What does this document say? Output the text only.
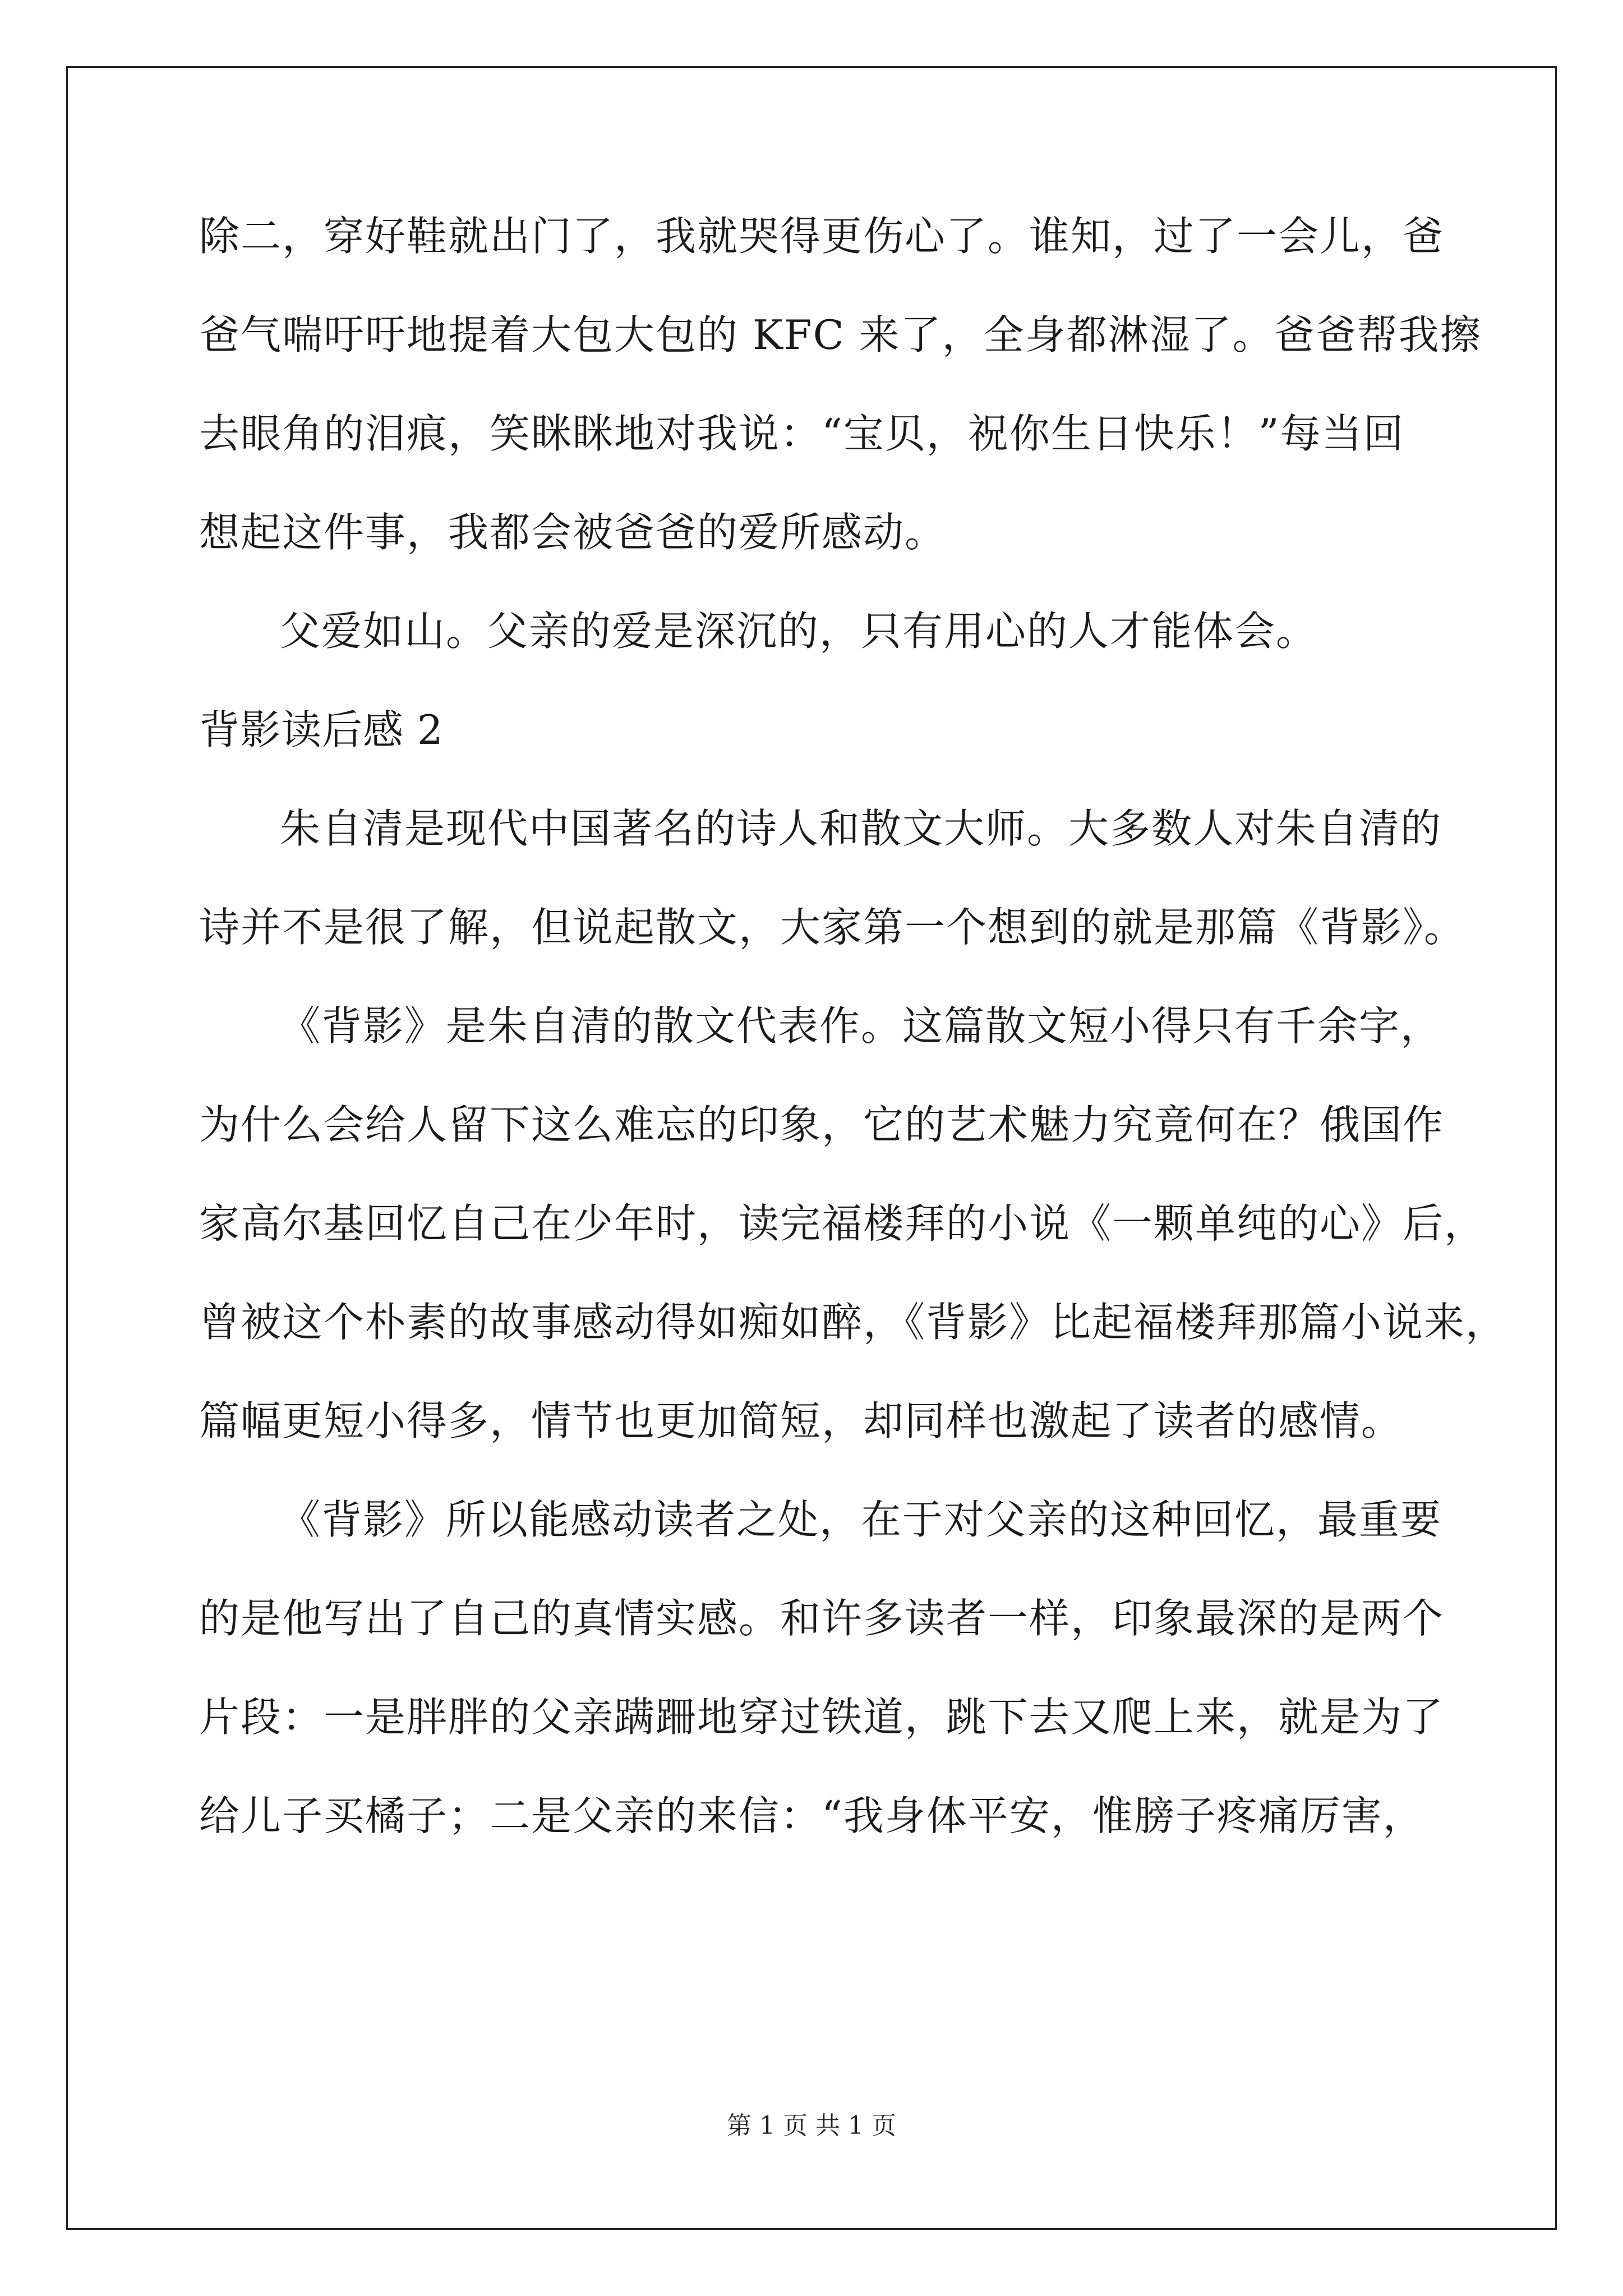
除二，穿好鞋就出门了，我就哭得更伤心了。谁知，过了一会儿，爸
爸气喘吁吁地提着大包大包的 KFC 来了，全身都淋湿了。爸爸帮我擦
去眼角的泪痕，笑眯眯地对我说：“宝贝，祝你生日快乐！”每当回
想起这件事，我都会被爸爸的爱所感动。
父爱如山。父亲的爱是深沉的，只有用心的人才能体会。
背影读后感 2
朱自清是现代中国著名的诗人和散文大师。大多数人对朱自清的
诗并不是很了解，但说起散文，大家第一个想到的就是那篇《背影》。
《背影》是朱自清的散文代表作。这篇散文短小得只有千余字，
为什么会给人留下这么难忘的印象，它的艺术魅力究竟何在？俄国作
家高尔基回忆自己在少年时，读完福楼拜的小说《一颗单纯的心》后，
曾被这个朴素的故事感动得如痴如醉，《背影》比起福楼拜那篇小说来，
篇幅更短小得多，情节也更加简短，却同样也激起了读者的感情。
《背影》所以能感动读者之处，在于对父亲的这种回忆，最重要
的是他写出了自己的真情实感。和许多读者一样，印象最深的是两个
片段：一是胖胖的父亲蹒跚地穿过铁道，跳下去又爬上来，就是为了
给儿子买橘子；二是父亲的来信：“我身体平安，惟膀子疼痛厉害，
第 1 页 共 1 页
